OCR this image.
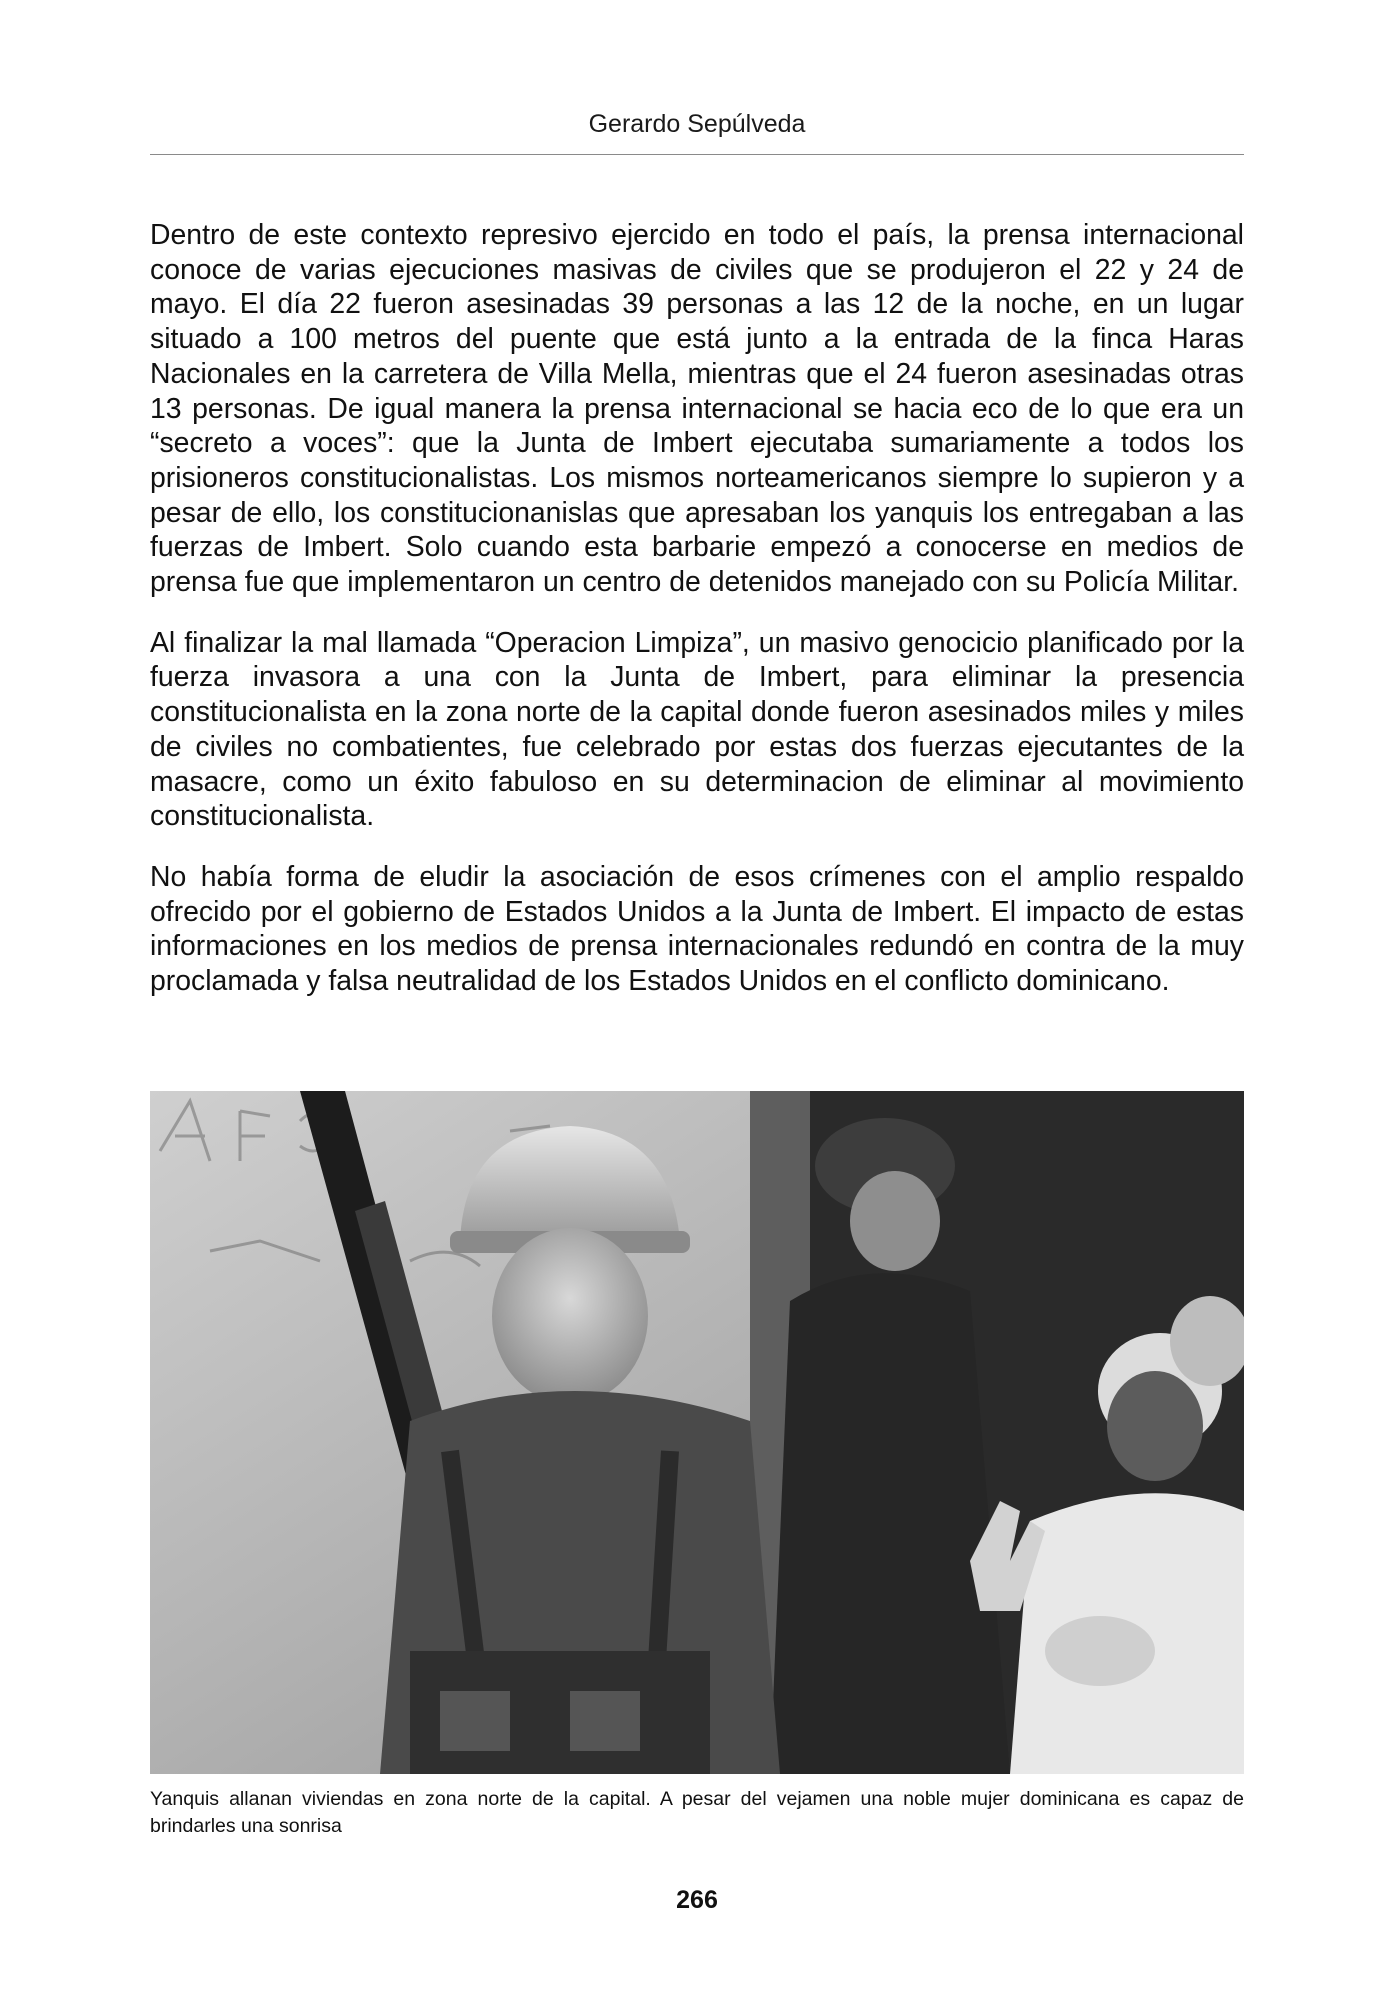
Gerardo Sepúlveda

Dentro de este contexto represivo ejercido en todo el país, la prensa internacional conoce de varias ejecuciones masivas de civiles que se produjeron el 22 y 24 de mayo. El día 22 fueron asesinadas 39 personas a las 12 de la noche, en un lugar situado a 100 metros del puente que está junto a la entrada de la finca Haras Nacionales en la carretera de Villa Mella, mientras que el 24 fueron asesinadas otras 13 personas. De igual manera la prensa internacional se hacia eco de lo que era un “secreto a voces”: que la Junta de Imbert ejecutaba sumariamente a todos los prisioneros constitucionalistas. Los mismos norteamericanos siempre lo supieron y a pesar de ello, los constitucionanislas que apresaban los yanquis los entregaban a las fuerzas de Imbert. Solo cuando esta barbarie empezó a conocerse en medios de prensa fue que implementaron un centro de detenidos manejado con su Policía Militar.

Al finalizar la mal llamada “Operacion Limpiza”, un masivo genocicio planificado por la fuerza invasora a una con la Junta de Imbert, para eliminar la presencia constitucionalista en la zona norte de la capital donde fueron asesinados miles y miles de civiles no combatientes, fue celebrado por estas dos fuerzas ejecutantes de la masacre, como un éxito fabuloso en su determinacion de eliminar al movimiento constitucionalista.

No había forma de eludir la asociación de esos crímenes con el amplio respaldo ofrecido por el gobierno de Estados Unidos a la Junta de Imbert. El impacto de estas informaciones en los medios de prensa internacionales redundó en contra de la muy proclamada y falsa neutralidad de los Estados Unidos en el conflicto dominicano.

Yanquis allanan viviendas en zona norte de la capital. A pesar del vejamen una noble mujer dominicana es capaz de brindarles una sonrisa
266
